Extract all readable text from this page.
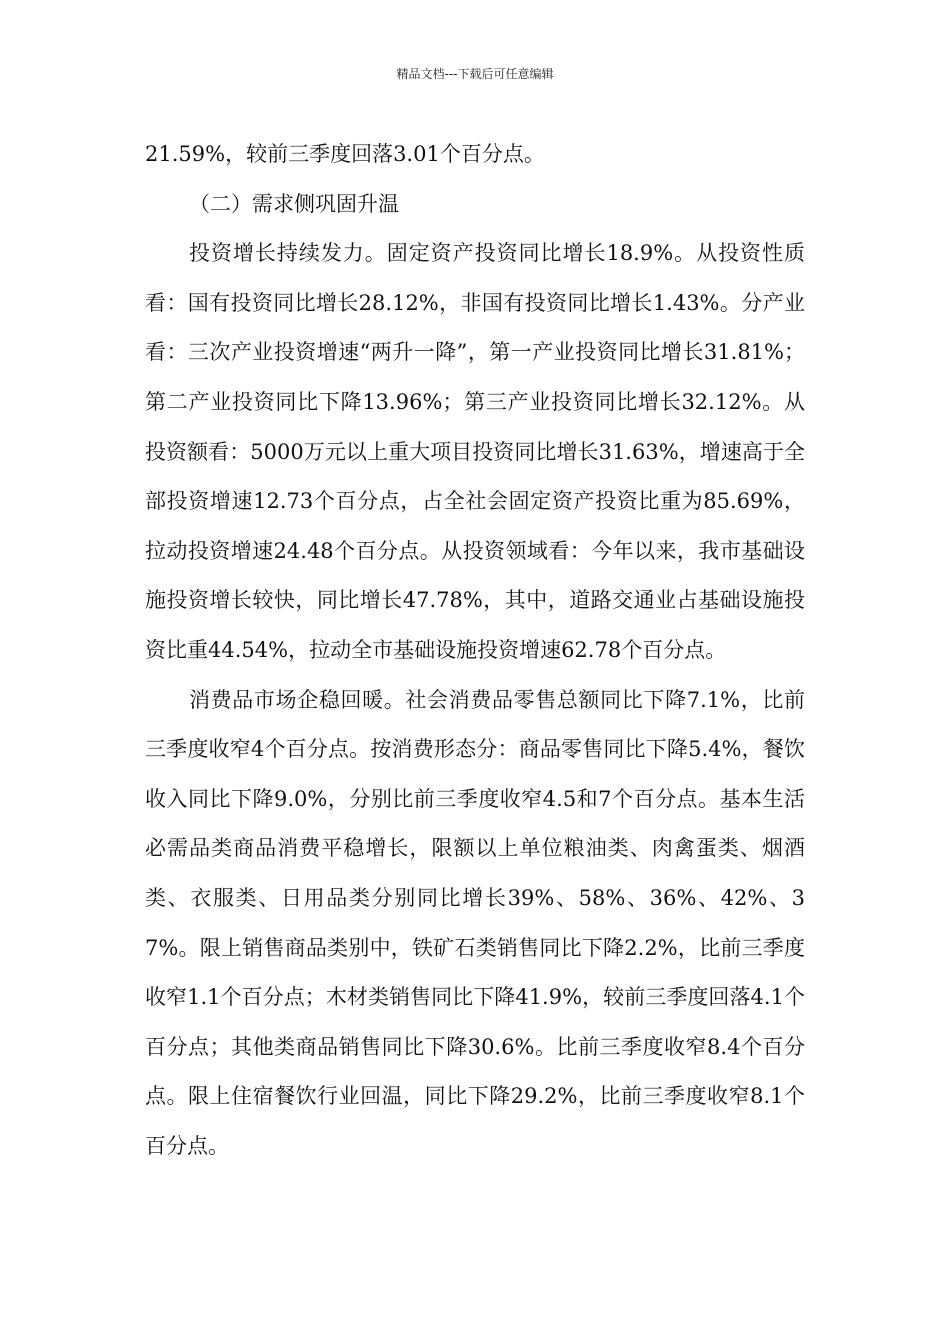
精品文档---下载后可任意编辑

21.59%，较前三季度回落3.01个百分点。

（二）需求侧巩固升温

投资增长持续发力。固定资产投资同比增长18.9%。从投资性质看：国有投资同比增长28.12%，非国有投资同比增长1.43%。分产业看：三次产业投资增速“两升一降”，第一产业投资同比增长31.81%；第二产业投资同比下降13.96%；第三产业投资同比增长32.12%。从投资额看：5000万元以上重大项目投资同比增长31.63%，增速高于全部投资增速12.73个百分点，占全社会固定资产投资比重为85.69%，拉动投资增速24.48个百分点。从投资领域看：今年以来，我市基础设施投资增长较快，同比增长47.78%，其中，道路交通业占基础设施投资比重44.54%，拉动全市基础设施投资增速62.78个百分点。

消费品市场企稳回暖。社会消费品零售总额同比下降7.1%，比前三季度收窄4个百分点。按消费形态分：商品零售同比下降5.4%，餐饮收入同比下降9.0%，分别比前三季度收窄4.5和7个百分点。基本生活必需品类商品消费平稳增长，限额以上单位粮油类、肉禽蛋类、烟酒类、衣服类、日用品类分别同比增长39%、58%、36%、42%、37%。限上销售商品类别中，铁矿石类销售同比下降2.2%，比前三季度收窄1.1个百分点；木材类销售同比下降41.9%，较前三季度回落4.1个百分点；其他类商品销售同比下降30.6%。比前三季度收窄8.4个百分点。限上住宿餐饮行业回温，同比下降29.2%，比前三季度收窄8.1个百分点。
